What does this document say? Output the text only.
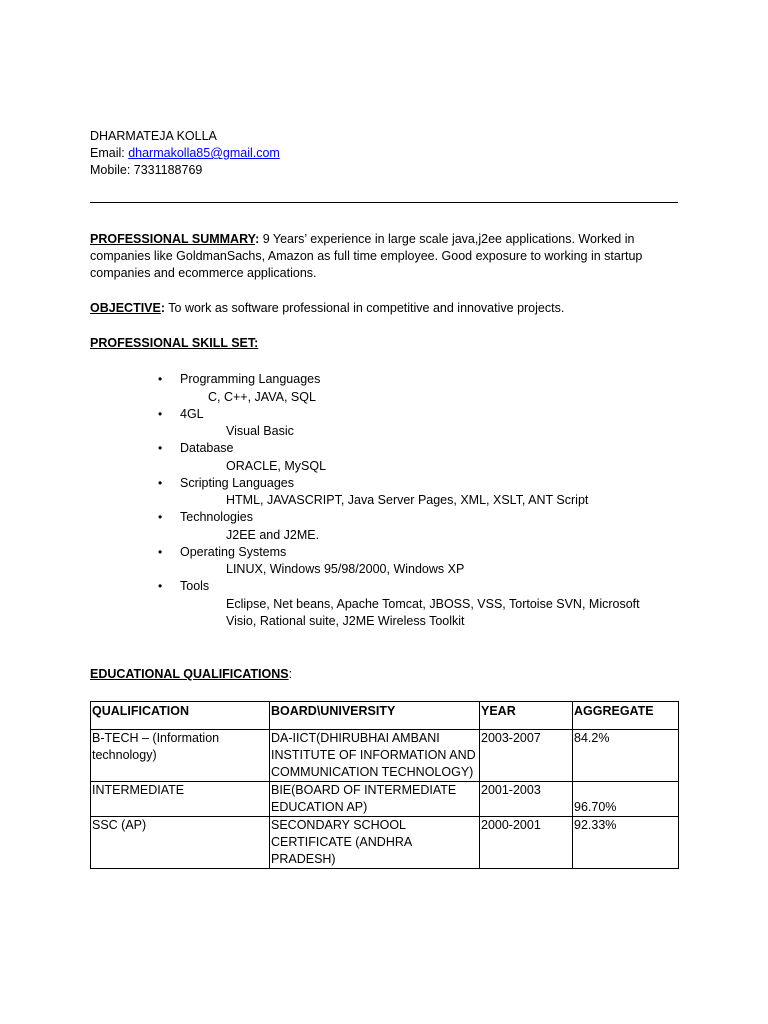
DHARMATEJA KOLLA
Email: dharmakolla85@gmail.com
Mobile: 7331188769
PROFESSIONAL SUMMARY: 9 Years’ experience in large scale java,j2ee applications. Worked in companies like GoldmanSachs, Amazon as full time employee. Good exposure to working in startup companies and ecommerce applications.
OBJECTIVE: To work as software professional in competitive and innovative projects.
PROFESSIONAL SKILL SET:
• Programming Languages
C, C++, JAVA, SQL
• 4GL
Visual Basic
• Database
ORACLE, MySQL
• Scripting Languages
HTML, JAVASCRIPT, Java Server Pages, XML, XSLT, ANT Script
• Technologies
J2EE and J2ME.
• Operating Systems
LINUX, Windows 95/98/2000, Windows XP
• Tools
Eclipse, Net beans, Apache Tomcat, JBOSS, VSS, Tortoise SVN, Microsoft Visio, Rational suite, J2ME Wireless Toolkit
EDUCATIONAL QUALIFICATIONS:
QUALIFICATION	BOARD\UNIVERSITY	YEAR	AGGREGATE
B-TECH – (Information technology)	DA-IICT(DHIRUBHAI AMBANI INSTITUTE OF INFORMATION AND COMMUNICATION TECHNOLOGY)	2003-2007	84.2%
INTERMEDIATE	BIE(BOARD OF INTERMEDIATE EDUCATION AP)	2001-2003	96.70%
SSC (AP)	SECONDARY SCHOOL CERTIFICATE (ANDHRA PRADESH)	2000-2001	92.33%
